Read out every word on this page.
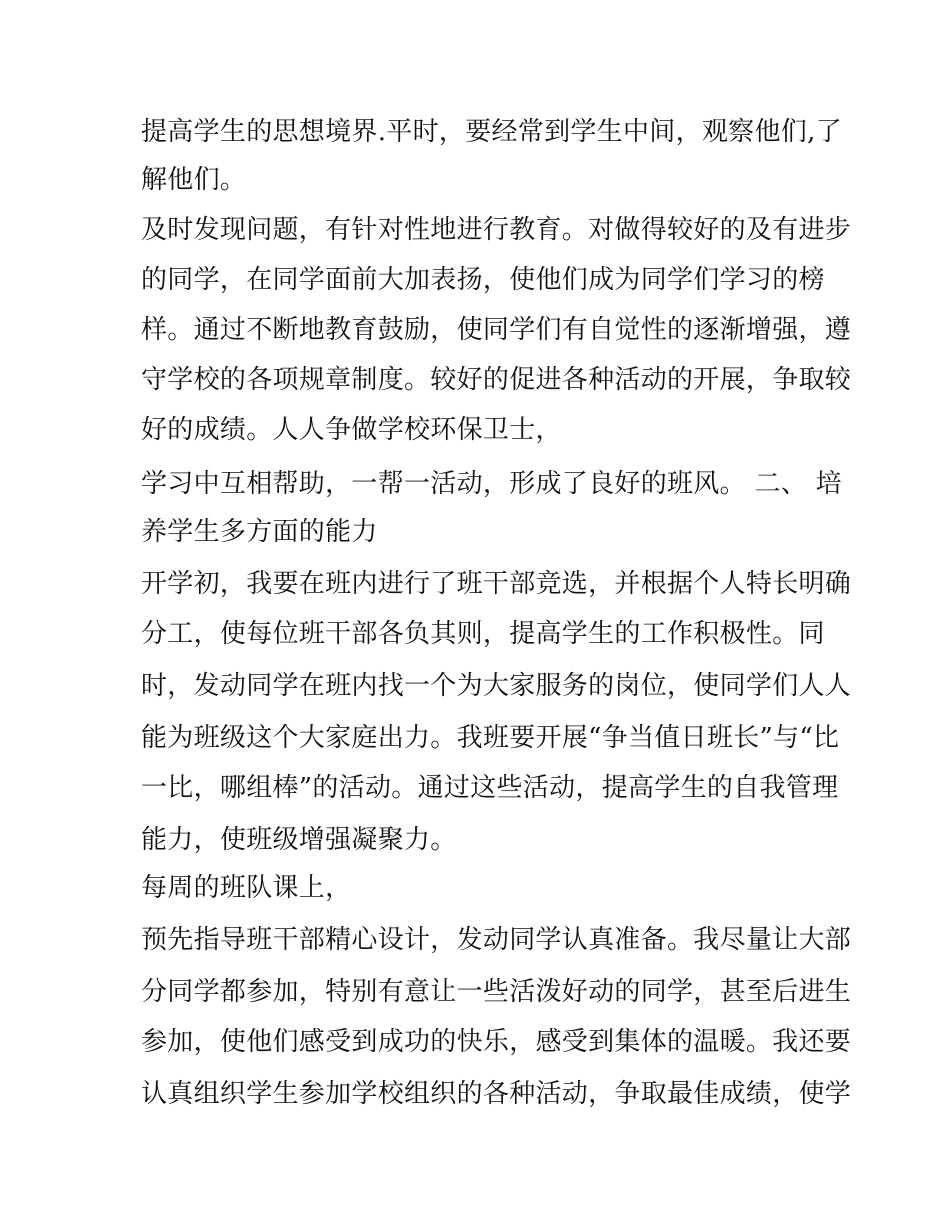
提高学生的思想境界.平时，要经常到学生中间，观察他们,了
解他们。
及时发现问题，有针对性地进行教育。对做得较好的及有进步
的同学，在同学面前大加表扬，使他们成为同学们学习的榜
样。通过不断地教育鼓励，使同学们有自觉性的逐渐增强，遵
守学校的各项规章制度。较好的促进各种活动的开展，争取较
好的成绩。人人争做学校环保卫士，
学习中互相帮助，一帮一活动，形成了良好的班风。 二、 培
养学生多方面的能力
开学初，我要在班内进行了班干部竞选，并根据个人特长明确
分工，使每位班干部各负其则，提高学生的工作积极性。同
时，发动同学在班内找一个为大家服务的岗位，使同学们人人
能为班级这个大家庭出力。我班要开展“争当值日班长”与“比
一比，哪组棒”的活动。通过这些活动，提高学生的自我管理
能力，使班级增强凝聚力。
每周的班队课上，
预先指导班干部精心设计，发动同学认真准备。我尽量让大部
分同学都参加，特别有意让一些活泼好动的同学，甚至后进生
参加，使他们感受到成功的快乐，感受到集体的温暖。我还要
认真组织学生参加学校组织的各种活动，争取最佳成绩，使学
